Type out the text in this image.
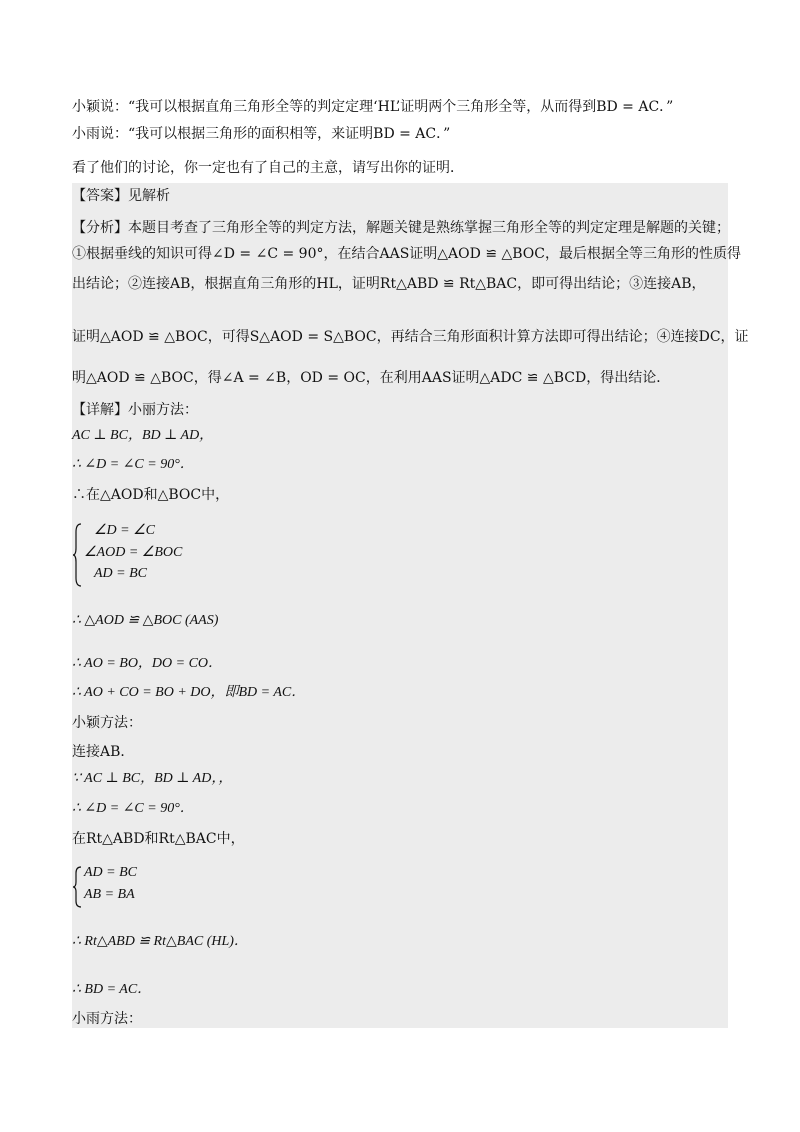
小颖说：“我可以根据直角三角形全等的判定定理‘HL’证明两个三角形全等，从而得到BD = AC．”
小雨说：“我可以根据三角形的面积相等，来证明BD = AC．”
看了他们的讨论，你一定也有了自己的主意，请写出你的证明．
【答案】见解析
【分析】本题目考查了三角形全等的判定方法，解题关键是熟练掌握三角形全等的判定定理是解题的关键；
①根据垂线的知识可得∠D = ∠C = 90°，在结合AAS证明△AOD ≌ △BOC，最后根据全等三角形的性质得
出结论；②连接AB，根据直角三角形的HL，证明Rt△ABD ≌ Rt△BAC，即可得出结论；③连接AB，
证明△AOD ≌ △BOC，可得S△AOD = S△BOC，再结合三角形面积计算方法即可得出结论；④连接DC，证
明△AOD ≌ △BOC，得∠A = ∠B，OD = OC，在利用AAS证明△ADC ≌ △BCD，得出结论．
【详解】小丽方法：
AC ⊥ BC，BD ⊥ AD，
∴ ∠D = ∠C = 90°．
∴在△AOD和△BOC中，
∠D = ∠C
∠AOD = ∠BOC
AD = BC
∴ △AOD ≌ △BOC (AAS)
∴ AO = BO，DO = CO．
∴ AO + CO = BO + DO，即BD = AC．
小颖方法：
连接AB．
∵ AC ⊥ BC，BD ⊥ AD，，
∴ ∠D = ∠C = 90°．
在Rt△ABD和Rt△BAC中，
AD = BC
AB = BA
∴ Rt△ABD ≌ Rt△BAC (HL)．
∴ BD = AC．
小雨方法：
